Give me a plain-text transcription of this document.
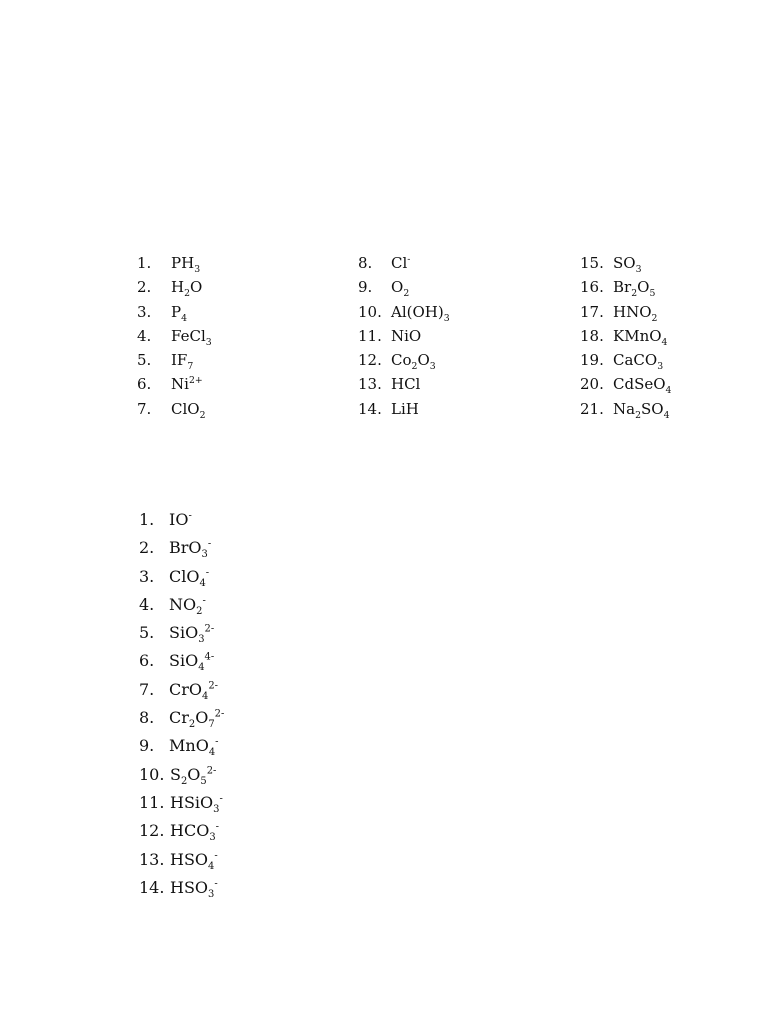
1.	$PH_3$
2.	$H_2O$
3.	$P_4$
4.	FeCl$_3$
5.	$IF_7$
6.	$Ni^{2+}$
7.	ClO$_2$
8.	Cl-
9.	$O_2$
10. $Al(OH)_3$
11. NiO
12. $Co_2O_3$
13. HCl
14. LiH
15. $SO_3$
16. $Br_2O_5$
17. $HNO_2$
18. KMnO$_4$
19. CaCO$_3$
20. CdSeO$_4$
21. $Na_2SO_4$
1. IO-
2. BrO$_3$-
3. ClO$_4$-
4. $NO_2^-$
5. SiO$_3^{2-}$
6. SiO$_4^{4-}$
7. CrO$_4^{2-}$
8. $Cr_2O_7^{2-}$
9. MnO$_4$-
10. $S_2O_5^{2-}$
11. HSiO$_3$-
12. $HCO_3^-$
13. $HSO_4^-$
14. $HSO_3^-$
